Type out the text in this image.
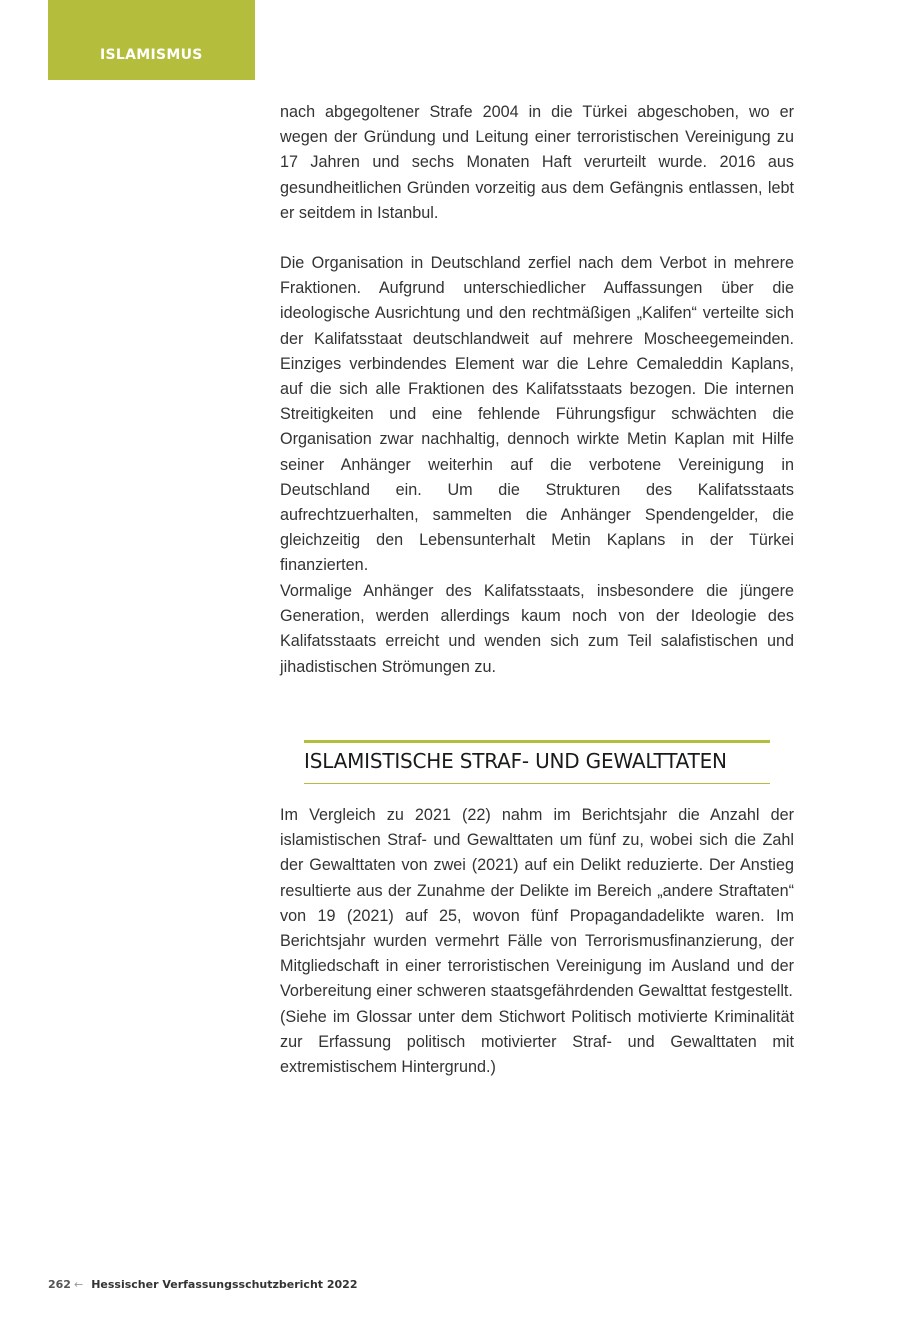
ISLAMISMUS
nach abgegoltener Strafe 2004 in die Türkei abgeschoben, wo er wegen der Gründung und Leitung einer terroristischen Vereinigung zu 17 Jahren und sechs Monaten Haft verurteilt wurde. 2016 aus gesundheitlichen Gründen vorzeitig aus dem Gefängnis entlassen, lebt er seitdem in Istanbul.
Die Organisation in Deutschland zerfiel nach dem Verbot in mehrere Fraktionen. Aufgrund unterschiedlicher Auffassungen über die ideologische Ausrichtung und den rechtmäßigen „Kalifen“ verteilte sich der Kalifatsstaat deutschlandweit auf mehrere Moscheegemeinden. Einziges verbindendes Element war die Lehre Cemaleddin Kaplans, auf die sich alle Fraktionen des Kalifatsstaats bezogen. Die internen Streitigkeiten und eine fehlende Führungsfigur schwächten die Organisation zwar nachhaltig, dennoch wirkte Metin Kaplan mit Hilfe seiner Anhänger weiterhin auf die verbotene Vereinigung in Deutschland ein. Um die Strukturen des Kalifatsstaats aufrechtzuerhalten, sammelten die Anhänger Spendengelder, die gleichzeitig den Lebensunterhalt Metin Kaplans in der Türkei finanzierten.
Vormalige Anhänger des Kalifatsstaats, insbesondere die jüngere Generation, werden allerdings kaum noch von der Ideologie des Kalifatsstaats erreicht und wenden sich zum Teil salafistischen und jihadistischen Strömungen zu.
ISLAMISTISCHE STRAF- UND GEWALTTATEN
Im Vergleich zu 2021 (22) nahm im Berichtsjahr die Anzahl der islamistischen Straf- und Gewalttaten um fünf zu, wobei sich die Zahl der Gewalttaten von zwei (2021) auf ein Delikt reduzierte. Der Anstieg resultierte aus der Zunahme der Delikte im Bereich „andere Straftaten“ von 19 (2021) auf 25, wovon fünf Propagandadelikte waren. Im Berichtsjahr wurden vermehrt Fälle von Terrorismusfinanzierung, der Mitgliedschaft in einer terroristischen Vereinigung im Ausland und der Vorbereitung einer schweren staatsgefährdenden Gewalttat festgestellt.
(Siehe im Glossar unter dem Stichwort Politisch motivierte Kriminalität zur Erfassung politisch motivierter Straf- und Gewalttaten mit extremistischem Hintergrund.)
262 ← Hessischer Verfassungsschutzbericht 2022
